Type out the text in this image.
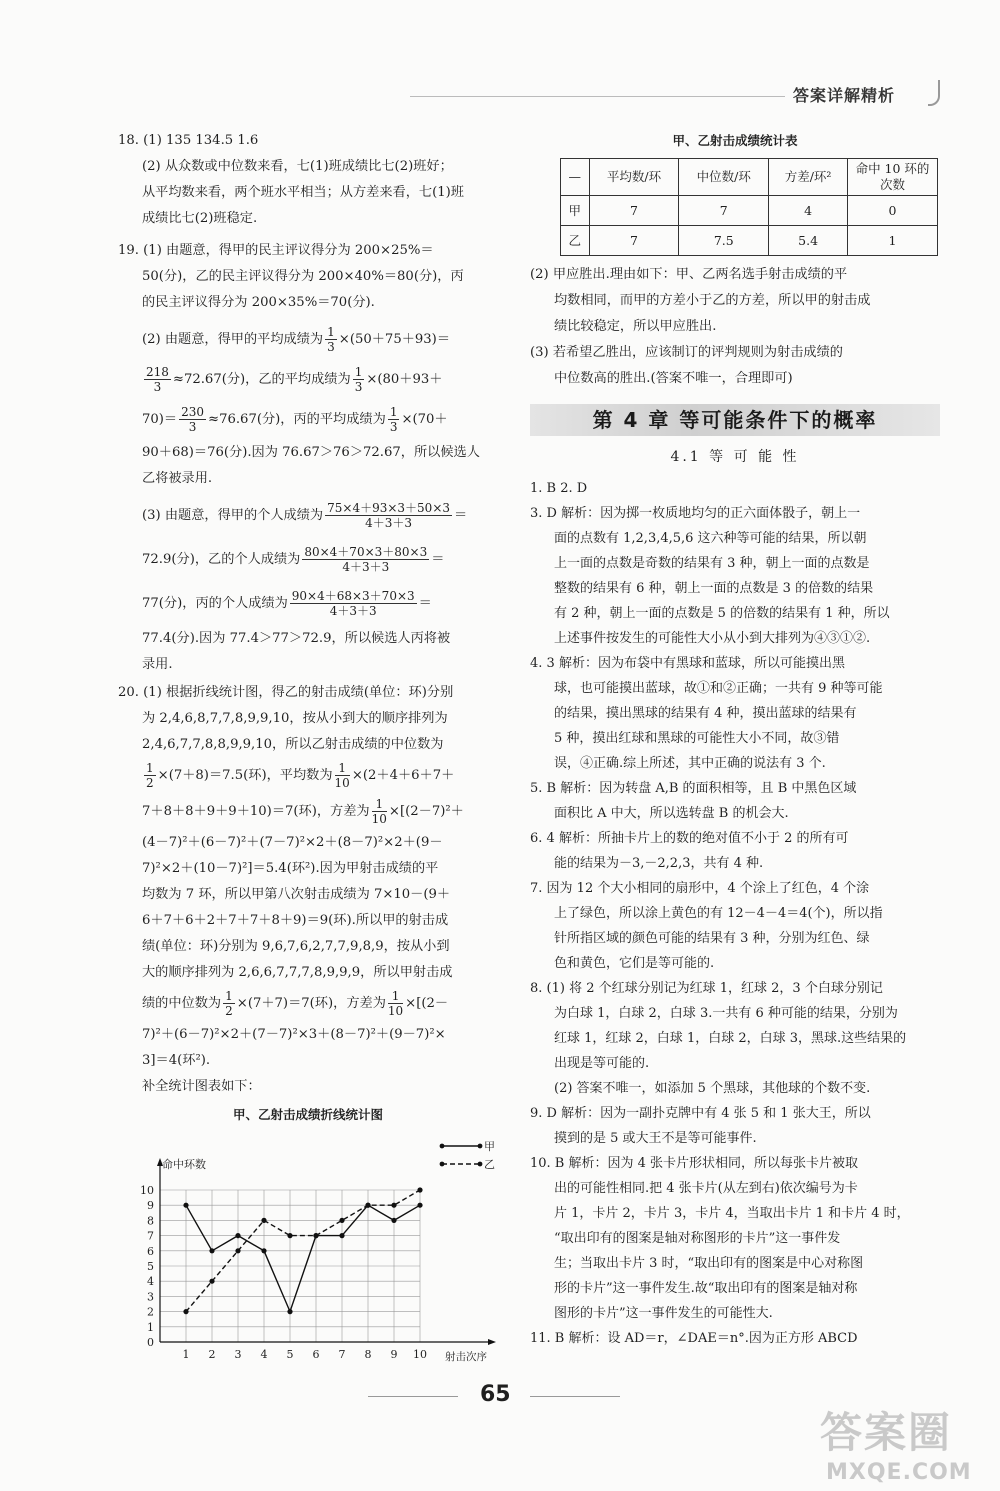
答案详解精析

18. (1) 135 134.5 1.6

(2) 从众数或中位数来看，七(1)班成绩比七(2)班好；

从平均数来看，两个班水平相当；从方差来看，七(1)班

成绩比七(2)班稳定.

19. (1) 由题意，得甲的民主评议得分为 200×25%＝

50(分)，乙的民主评议得分为 200×40%＝80(分)，丙

的民主评议得分为 200×35%＝70(分).

(2) 由题意，得甲的平均成绩为 $\frac{1}{3} \times(50+75+93)=$

$\frac{218}{3} \approx 72.67$(分)，乙的平均成绩为 $\frac{1}{3} \times(80+93+$

$70)= \frac{230}{3} \approx 76.67$(分)，丙的平均成绩为 $\frac{1}{3} \times(70+$

90＋68)＝76(分).因为 76.67＞76＞72.67，所以候选人

乙将被录用.

(3) 由题意，得甲的个人成绩为 $\frac{75\times 4+93\times 3+50\times 3}{4+3+3}$ ＝

72.9(分)，乙的个人成绩为 $\frac{80\times 4+70\times 3+80\times 3}{4+3+3}$ ＝

77(分)，丙的个人成绩为 $\frac{90\times 4+68\times 3+70\times 3}{4+3+3}$ ＝

77.4(分).因为 77.4＞77＞72.9，所以候选人丙将被

录用.

20. (1) 根据折线统计图，得乙的射击成绩(单位：环)分别

为 2,4,6,8,7,7,8,9,9,10，按从小到大的顺序排列为

2,4,6,7,7,8,8,9,9,10，所以乙射击成绩的中位数为

$\frac{1}{2} \times(7+8)=7.5$(环)，平均数为 $\frac{1}{10} \times(2+4+6+7+$

7＋8＋8＋9＋9＋10)＝7(环)，方差为 $\frac{1}{10} \times[(2-7)^2+$

(4－7)²＋(6－7)²＋(7－7)²×2＋(8－7)²×2＋(9－

7)²×2＋(10－7)²]＝5.4(环²).因为甲射击成绩的平

均数为 7 环，所以甲第八次射击成绩为 7×10－(9＋

6＋7＋6＋2＋7＋7＋8＋9)＝9(环).所以甲的射击成

绩(单位：环)分别为 9,6,7,6,2,7,7,9,8,9，按从小到

大的顺序排列为 2,6,6,7,7,7,8,9,9,9，所以甲射击成

绩的中位数为 $\frac{1}{2} \times(7+7)=7$(环)，方差为 $\frac{1}{10} \times[(2-$

7)²＋(6－7)²×2＋(7－7)²×3＋(8－7)²＋(9－7)²×

3]＝4(环²).

补全统计图表如下：

甲、乙射击成绩折线统计图
0
1
2
3
4
5
6
7
8
9
10
1 2 3 4 5 6 7 8 9 10
命中环数
射击次序
甲
乙
甲、乙射击成绩统计表
—	平均数/环	中位数/环	方差/环²	命中 10 环的次数
甲	7	7	4	0
乙	7	7.5	5.4	1

(2) 甲应胜出.理由如下：甲、乙两名选手射击成绩的平

均数相同，而甲的方差小于乙的方差，所以甲的射击成

绩比较稳定，所以甲应胜出.

(3) 若希望乙胜出，应该制订的评判规则为射击成绩的

中位数高的胜出.(答案不唯一，合理即可)

第 4 章 等可能条件下的概率
4.1 等 可 能 性

1. B 2. D

3. D 解析：因为掷一枚质地均匀的正六面体骰子，朝上一

面的点数有 1,2,3,4,5,6 这六种等可能的结果，所以朝

上一面的点数是奇数的结果有 3 种，朝上一面的点数是

整数的结果有 6 种，朝上一面的点数是 3 的倍数的结果

有 2 种，朝上一面的点数是 5 的倍数的结果有 1 种，所以

上述事件按发生的可能性大小从小到大排列为④③①②.

4. 3 解析：因为布袋中有黑球和蓝球，所以可能摸出黑

球，也可能摸出蓝球，故①和②正确；一共有 9 种等可能

的结果，摸出黑球的结果有 4 种，摸出蓝球的结果有

5 种，摸出红球和黑球的可能性大小不同，故③错

误，④正确.综上所述，其中正确的说法有 3 个.

5. B 解析：因为转盘 A,B 的面积相等，且 B 中黑色区域

面积比 A 中大，所以选转盘 B 的机会大.

6. 4 解析：所抽卡片上的数的绝对值不小于 2 的所有可

能的结果为－3,－2,2,3，共有 4 种.

7. 因为 12 个大小相同的扇形中，4 个涂上了红色，4 个涂

上了绿色，所以涂上黄色的有 12－4－4＝4(个)，所以指

针所指区域的颜色可能的结果有 3 种，分别为红色、绿

色和黄色，它们是等可能的.

8. (1) 将 2 个红球分别记为红球 1，红球 2，3 个白球分别记

为白球 1，白球 2，白球 3.一共有 6 种可能的结果，分别为

红球 1，红球 2，白球 1，白球 2，白球 3，黑球.这些结果的

出现是等可能的.

(2) 答案不唯一，如添加 5 个黑球，其他球的个数不变.

9. D 解析：因为一副扑克牌中有 4 张 5 和 1 张大王，所以

摸到的是 5 或大王不是等可能事件.

10. B 解析：因为 4 张卡片形状相同，所以每张卡片被取

出的可能性相同.把 4 张卡片(从左到右)依次编号为卡

片 1，卡片 2，卡片 3，卡片 4，当取出卡片 1 和卡片 4 时，

“取出印有的图案是轴对称图形的卡片”这一事件发

生；当取出卡片 3 时，“取出印有的图案是中心对称图

形的卡片”这一事件发生.故“取出印有的图案是轴对称

图形的卡片”这一事件发生的可能性大.

11. B 解析：设 AD＝r，∠DAE＝n°.因为正方形 ABCD

65
答案圈
MXQE.COM
